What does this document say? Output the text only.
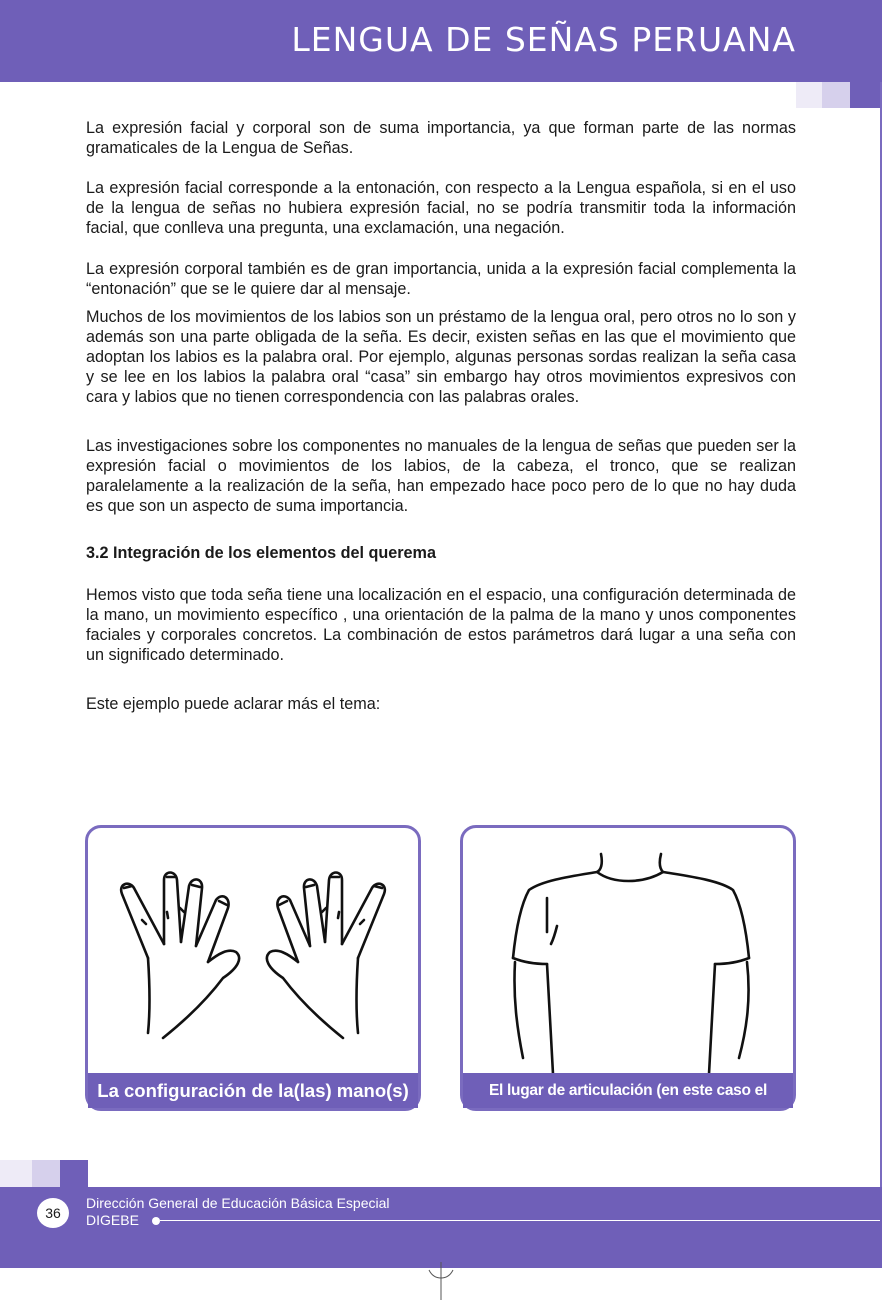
LENGUA DE SEÑAS PERUANA

La expresión facial y corporal son de suma importancia, ya que forman parte de las normas gramaticales de la Lengua de Señas.

La expresión facial corresponde a la entonación, con respecto a la Lengua española, si en el uso de la lengua de señas no hubiera expresión facial, no se podría transmitir toda la información facial, que conlleva una pregunta, una exclamación, una negación.

La expresión corporal también es de gran importancia, unida a la expresión facial complementa la “entonación” que se le quiere dar al mensaje.

Muchos de los movimientos de los labios son un préstamo de la lengua oral, pero otros no lo son y además son una parte obligada de la seña. Es decir, existen señas en las que el movimiento que adoptan los labios es la palabra oral. Por ejemplo, algunas personas sordas realizan la seña casa y se lee en los labios la palabra oral “casa” sin embargo hay otros movimientos expresivos con cara y labios que no tienen correspondencia con las palabras orales.

Las investigaciones sobre los componentes no manuales de la lengua de señas que pueden ser la expresión facial o movimientos de los labios, de la cabeza, el tronco, que se realizan paralelamente a la realización de la seña, han empezado hace poco pero de lo que no hay duda es que son un aspecto de suma importancia.

3.2 Integración de los elementos del querema

Hemos visto que toda seña tiene una localización en el espacio, una configuración determinada de la mano, un movimiento específico , una orientación de la palma de la mano y unos componentes faciales y corporales concretos. La combinación de estos parámetros dará lugar a una seña con un significado determinado.

Este ejemplo puede aclarar más el tema:

La configuración de la(las) mano(s)	El lugar de articulación (en este caso el tronco)
36
Dirección General de Educación Básica Especial
DIGEBE
